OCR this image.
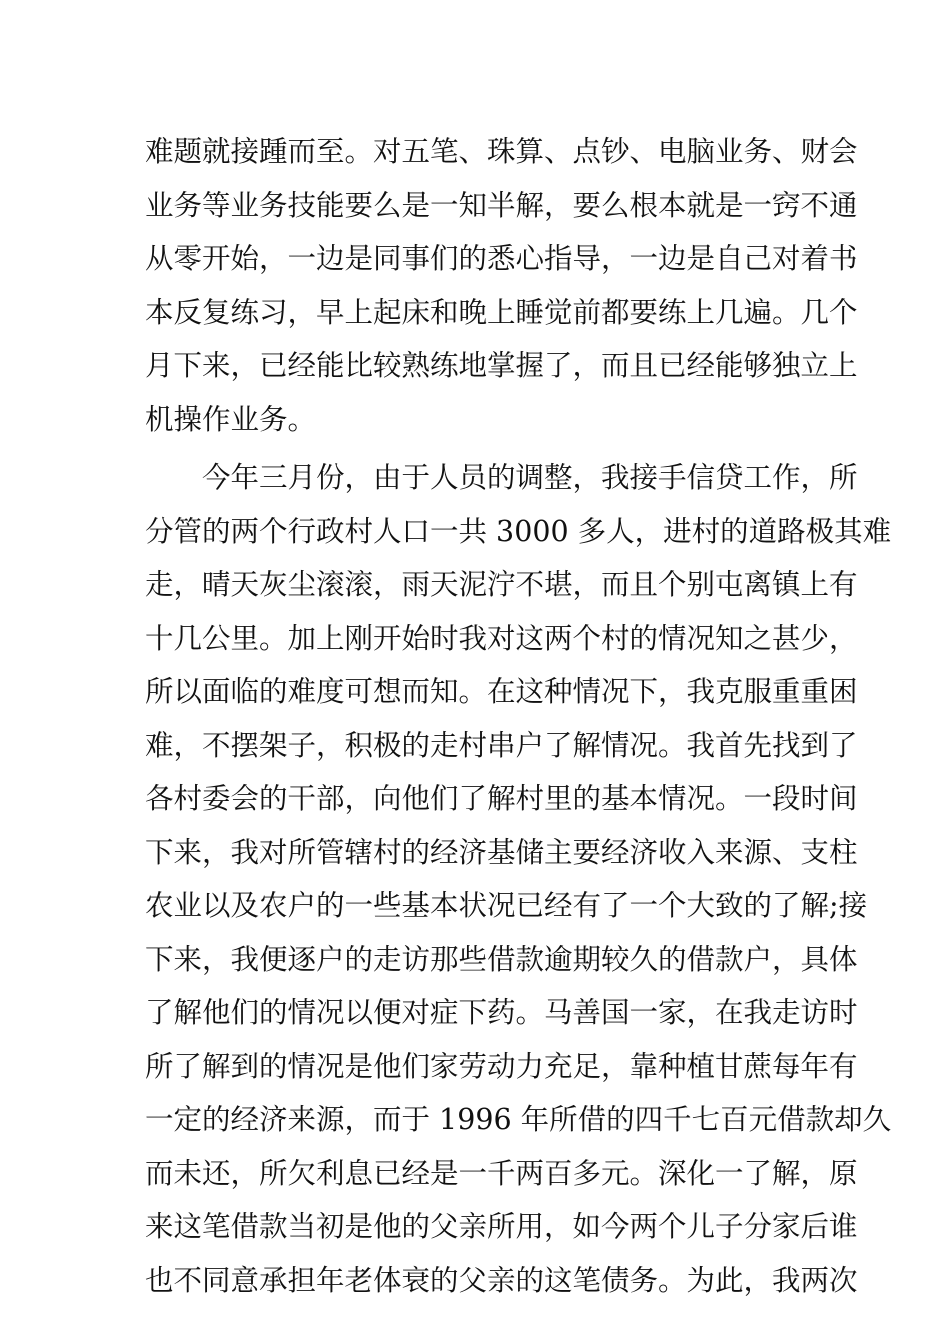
难题就接踵而至。对五笔、珠算、点钞、电脑业务、财会
业务等业务技能要么是一知半解，要么根本就是一窍不通
从零开始，一边是同事们的悉心指导，一边是自己对着书
本反复练习，早上起床和晚上睡觉前都要练上几遍。几个
月下来，已经能比较熟练地掌握了，而且已经能够独立上
机操作业务。
今年三月份，由于人员的调整，我接手信贷工作，所
分管的两个行政村人口一共 3000 多人，进村的道路极其难
走，晴天灰尘滚滚，雨天泥泞不堪，而且个别屯离镇上有
十几公里。加上刚开始时我对这两个村的情况知之甚少，
所以面临的难度可想而知。在这种情况下，我克服重重困
难，不摆架子，积极的走村串户了解情况。我首先找到了
各村委会的干部，向他们了解村里的基本情况。一段时间
下来，我对所管辖村的经济基储主要经济收入来源、支柱
农业以及农户的一些基本状况已经有了一个大致的了解;接
下来，我便逐户的走访那些借款逾期较久的借款户，具体
了解他们的情况以便对症下药。马善国一家，在我走访时
所了解到的情况是他们家劳动力充足，靠种植甘蔗每年有
一定的经济来源，而于 1996 年所借的四千七百元借款却久
而未还，所欠利息已经是一千两百多元。深化一了解，原
来这笔借款当初是他的父亲所用，如今两个儿子分家后谁
也不同意承担年老体衰的父亲的这笔债务。为此，我两次
